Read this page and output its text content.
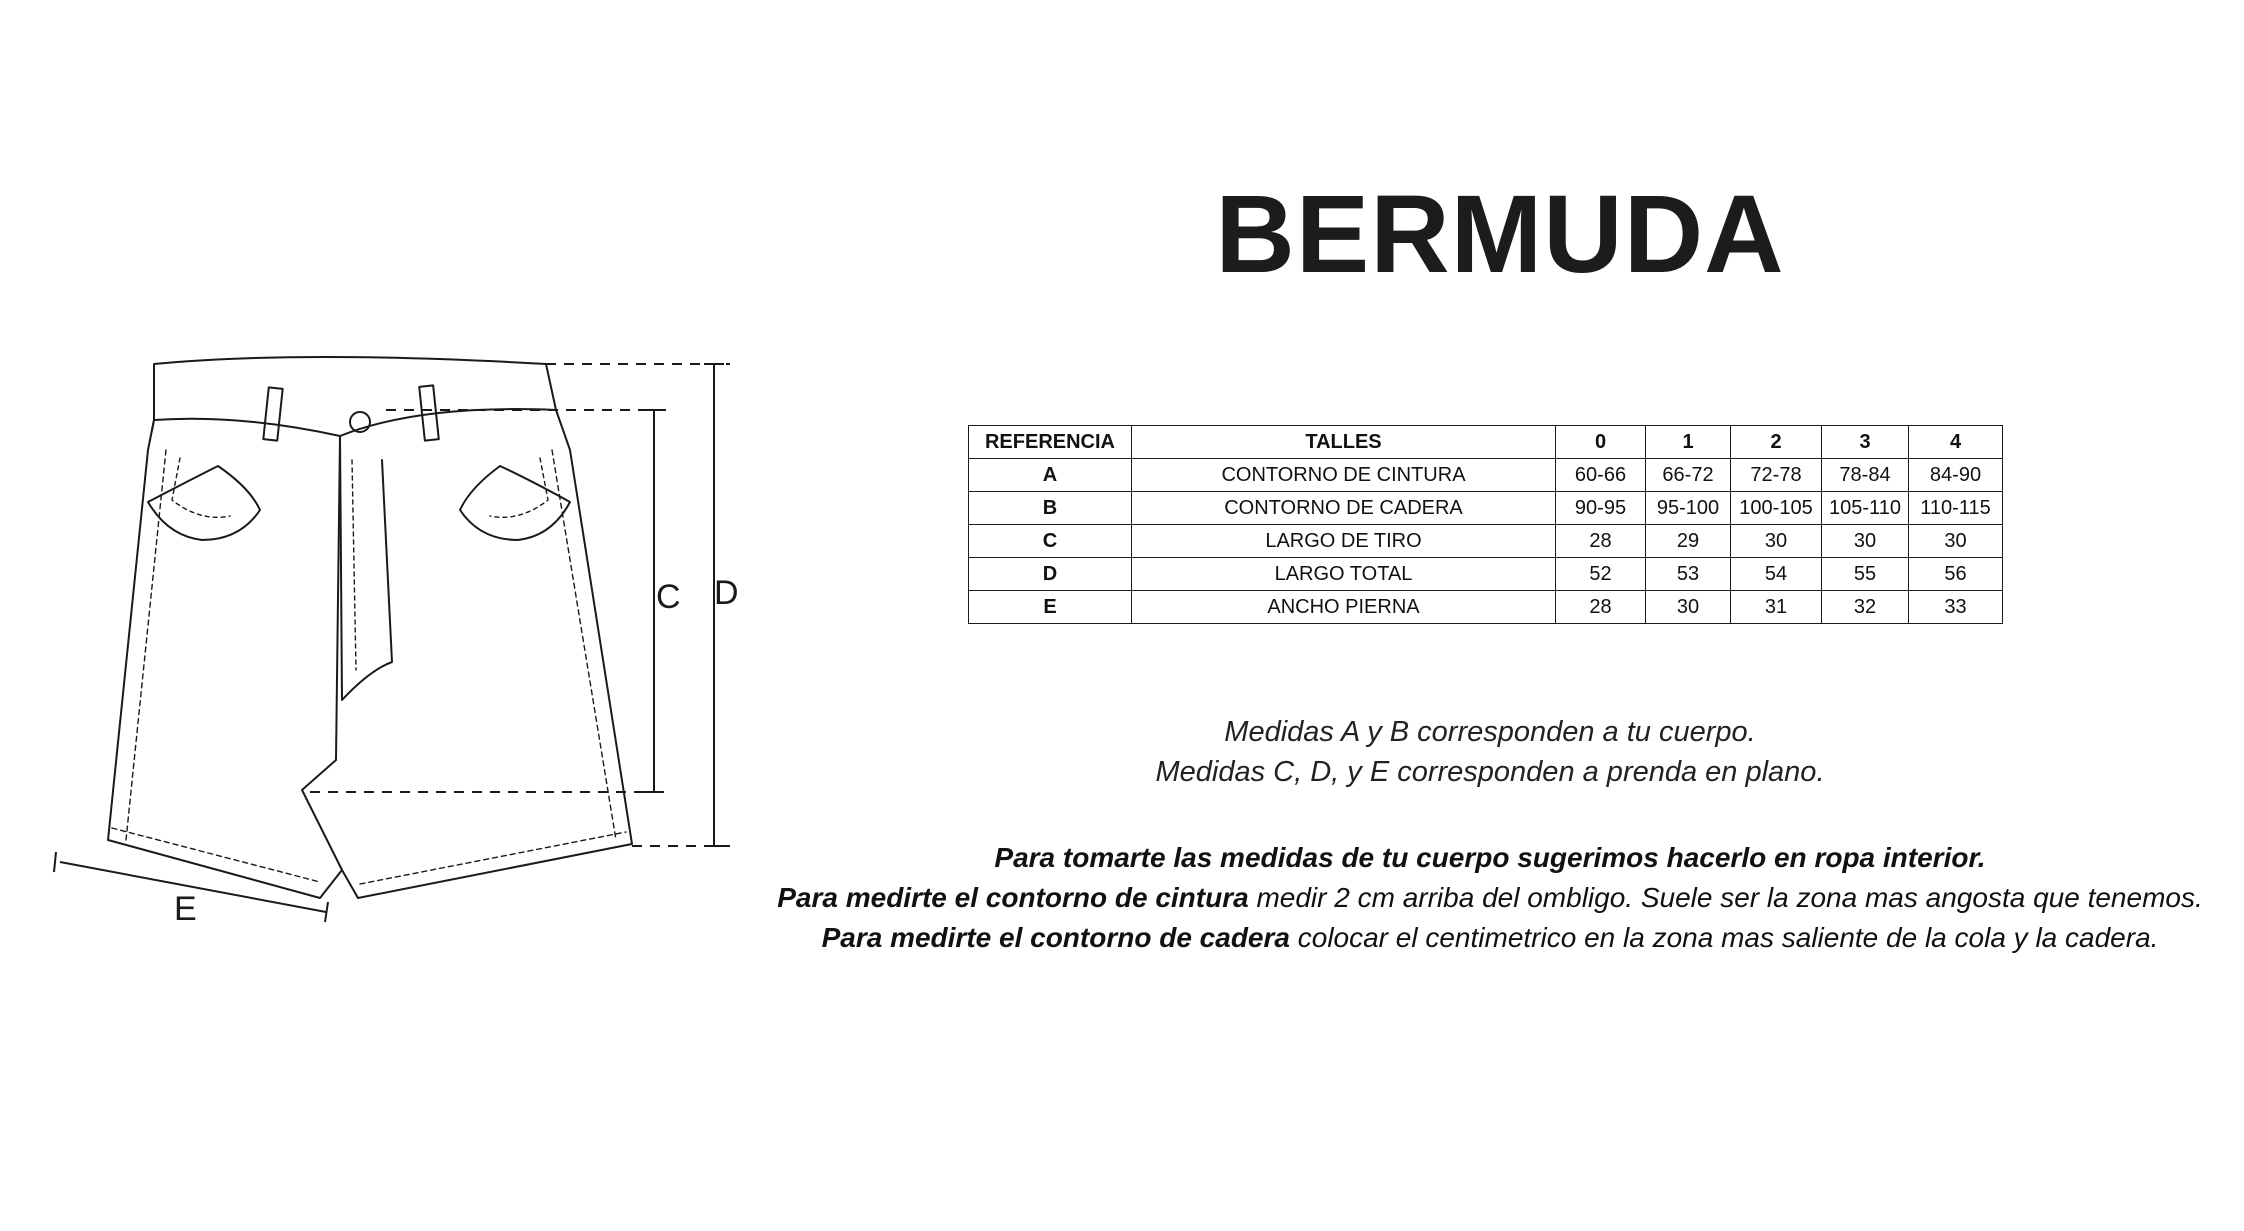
BERMUDA
C D
E
REFERENCIA	TALLES	0	1	2	3	4
A	CONTORNO DE CINTURA	60-66	66-72	72-78	78-84	84-90
B	CONTORNO DE CADERA	90-95	95-100	100-105	105-110	110-115
C	LARGO DE TIRO	28	29	30	30	30
D	LARGO TOTAL	52	53	54	55	56
E	ANCHO PIERNA	28	30	31	32	33
Medidas A y B corresponden a tu cuerpo.
Medidas C, D, y E corresponden a prenda en plano.
Para tomarte las medidas de tu cuerpo sugerimos hacerlo en ropa interior.
Para medirte el contorno de cintura medir 2 cm arriba del ombligo. Suele ser la zona mas angosta que tenemos.
Para medirte el contorno de cadera colocar el centimetrico en la zona mas saliente de la cola y la cadera.
